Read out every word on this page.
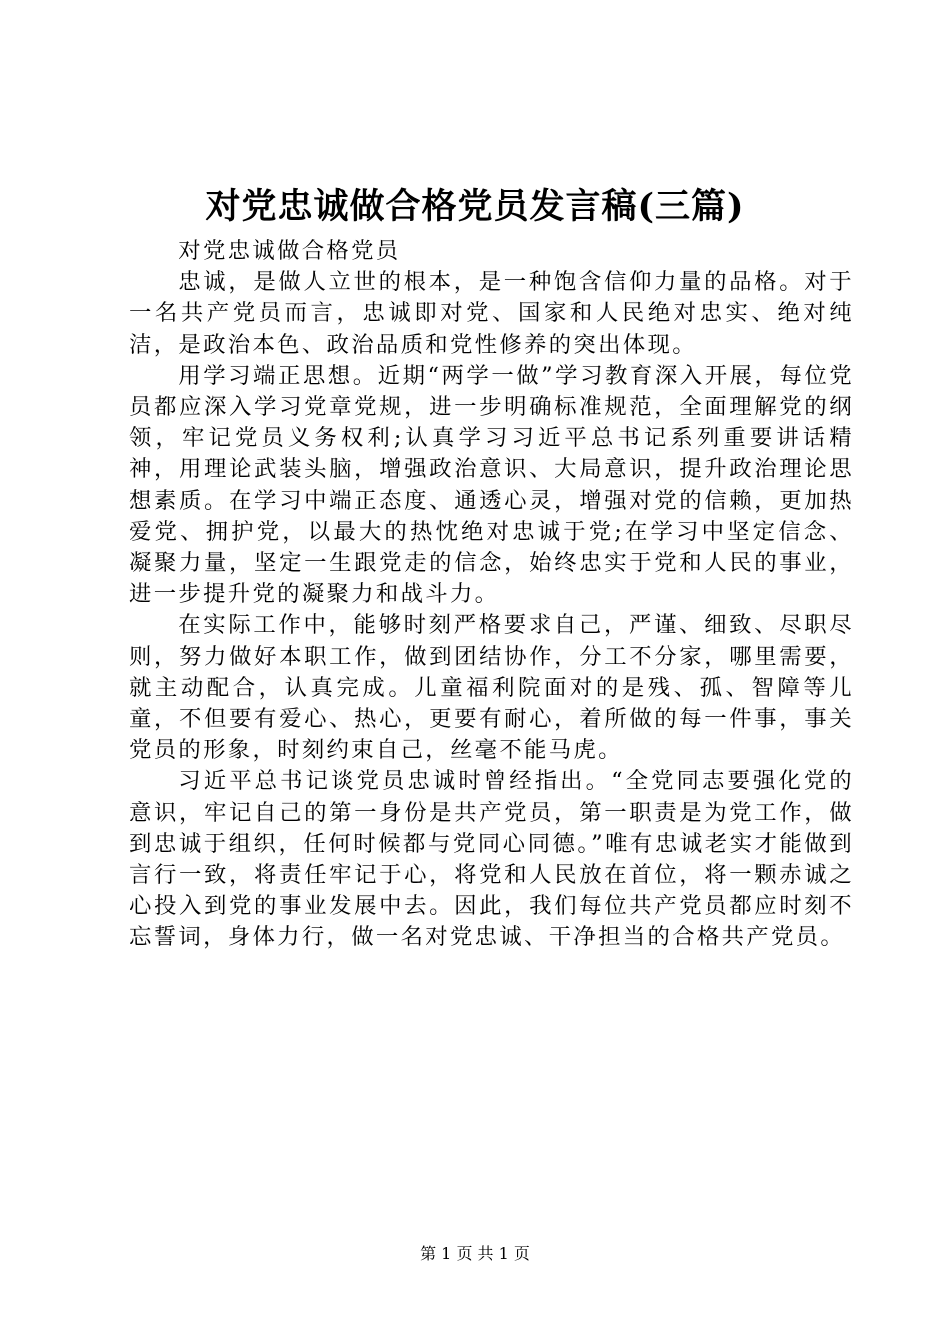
对党忠诚做合格党员发言稿(三篇)

对党忠诚做合格党员

忠诚，是做人立世的根本，是一种饱含信仰力量的品格。对于一名共产党员而言，忠诚即对党、国家和人民绝对忠实、绝对纯洁，是政治本色、政治品质和党性修养的突出体现。

用学习端正思想。近期“两学一做”学习教育深入开展，每位党员都应深入学习党章党规，进一步明确标准规范，全面理解党的纲领，牢记党员义务权利;认真学习习近平总书记系列重要讲话精神，用理论武装头脑，增强政治意识、大局意识，提升政治理论思想素质。在学习中端正态度、通透心灵，增强对党的信赖，更加热爱党、拥护党，以最大的热忱绝对忠诚于党;在学习中坚定信念、凝聚力量，坚定一生跟党走的信念，始终忠实于党和人民的事业，进一步提升党的凝聚力和战斗力。

在实际工作中，能够时刻严格要求自己，严谨、细致、尽职尽则，努力做好本职工作，做到团结协作，分工不分家，哪里需要，就主动配合，认真完成。儿童福利院面对的是残、孤、智障等儿童，不但要有爱心、热心，更要有耐心，着所做的每一件事，事关党员的形象，时刻约束自己，丝毫不能马虎。

习近平总书记谈党员忠诚时曾经指出。“全党同志要强化党的意识，牢记自己的第一身份是共产党员，第一职责是为党工作，做到忠诚于组织，任何时候都与党同心同德。”唯有忠诚老实才能做到言行一致，将责任牢记于心，将党和人民放在首位，将一颗赤诚之心投入到党的事业发展中去。因此，我们每位共产党员都应时刻不忘誓词，身体力行，做一名对党忠诚、干净担当的合格共产党员。

第 1 页 共 1 页
